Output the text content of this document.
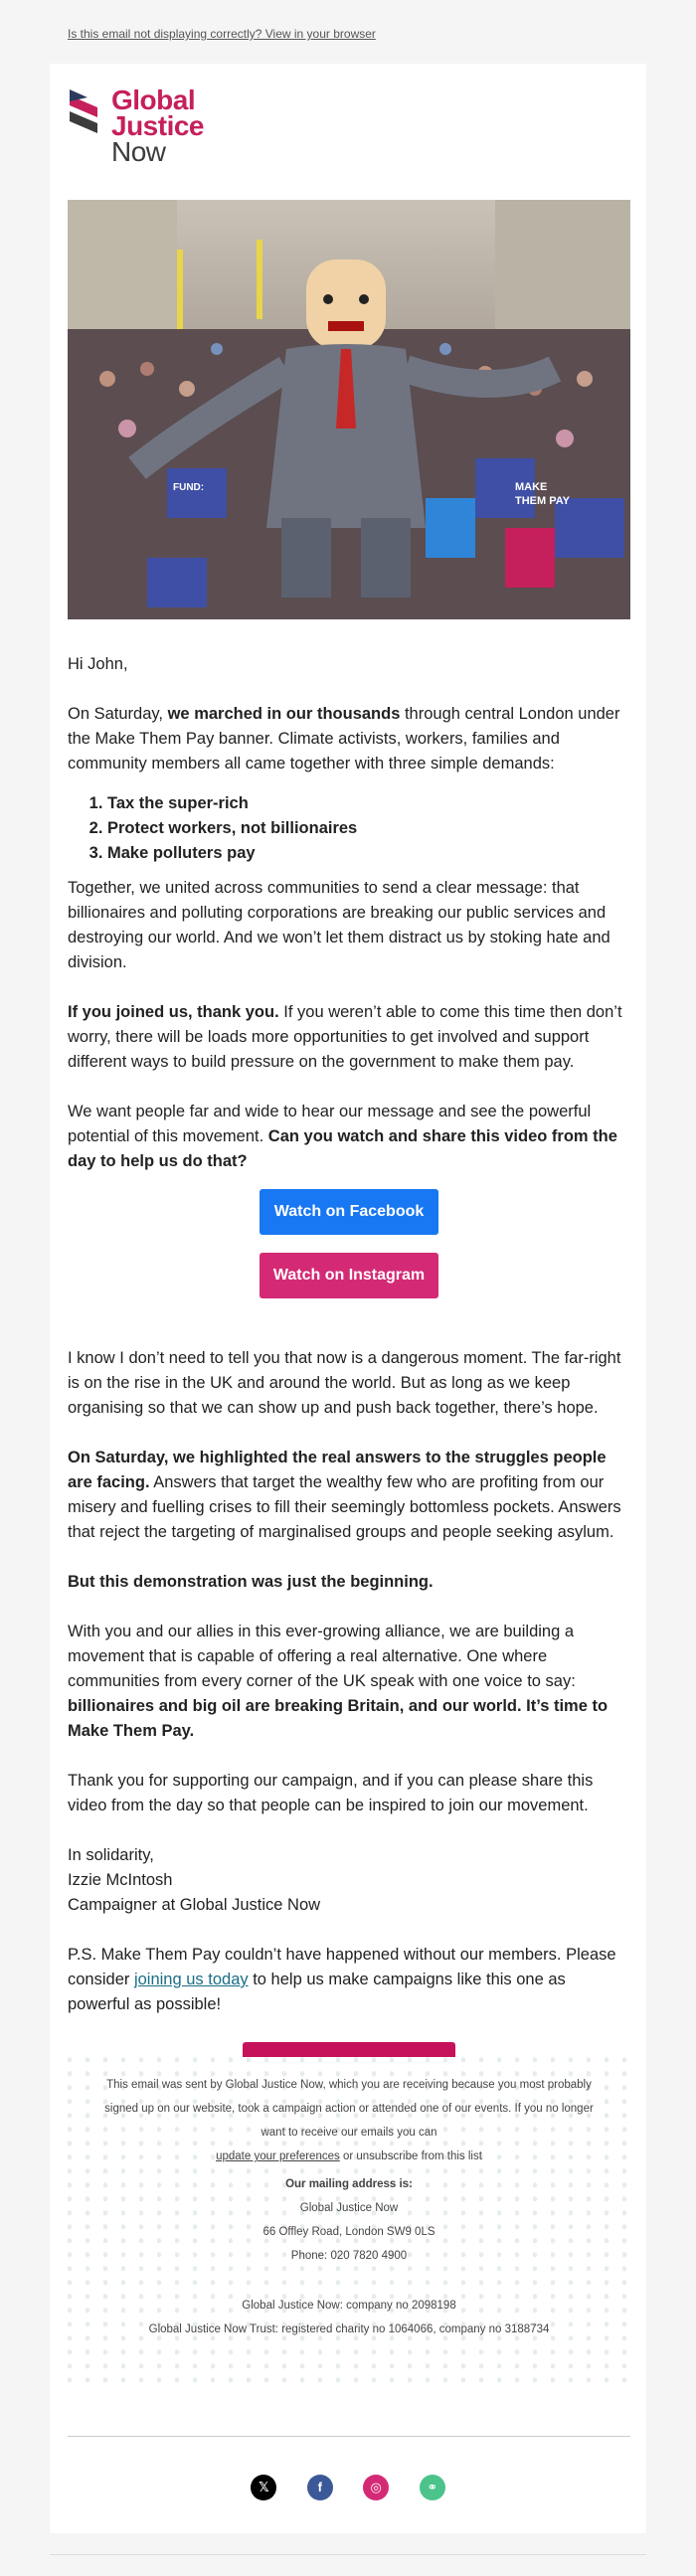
Is this email not displaying correctly? View in your browser
Global
Justice
Now
MAKE
THEM PAY
FUND:

Hi John,

On Saturday, we marched in our thousands through central London under the Make Them Pay banner. Climate activists, workers, families and community members all came together with three simple demands:

1. Tax the super-rich
2. Protect workers, not billionaires
3. Make polluters pay

Together, we united across communities to send a clear message: that billionaires and polluting corporations are breaking our public services and destroying our world. And we won’t let them distract us by stoking hate and division.

If you joined us, thank you. If you weren’t able to come this time then don’t worry, there will be loads more opportunities to get involved and support different ways to build pressure on the government to make them pay.

We want people far and wide to hear our message and see the powerful potential of this movement. Can you watch and share this video from the day to help us do that?

Watch on Facebook
Watch on Instagram

I know I don’t need to tell you that now is a dangerous moment. The far-right is on the rise in the UK and around the world. But as long as we keep organising so that we can show up and push back together, there’s hope.

On Saturday, we highlighted the real answers to the struggles people are facing. Answers that target the wealthy few who are profiting from our misery and fuelling crises to fill their seemingly bottomless pockets. Answers that reject the targeting of marginalised groups and people seeking asylum.

But this demonstration was just the beginning.

With you and our allies in this ever-growing alliance, we are building a movement that is capable of offering a real alternative. One where communities from every corner of the UK speak with one voice to say: billionaires and big oil are breaking Britain, and our world. It’s time to Make Them Pay.

Thank you for supporting our campaign, and if you can please share this video from the day so that people can be inspired to join our movement.

In solidarity,
Izzie McIntosh
Campaigner at Global Justice Now

P.S. Make Them Pay couldn’t have happened without our members. Please consider joining us today to help us make campaigns like this one as powerful as possible!

This email was sent by Global Justice Now, which you are receiving because you most probably signed up on our website, took a campaign action or attended one of our events. If you no longer want to receive our emails you can
update your preferences or unsubscribe from this list
Our mailing address is:
Global Justice Now
66 Offley Road, London SW9 0LS
Phone: 020 7820 4900
Global Justice Now: company no 2098198
Global Justice Now Trust: registered charity no 1064066, company no 3188734
𝕏	f	◎	⚭
